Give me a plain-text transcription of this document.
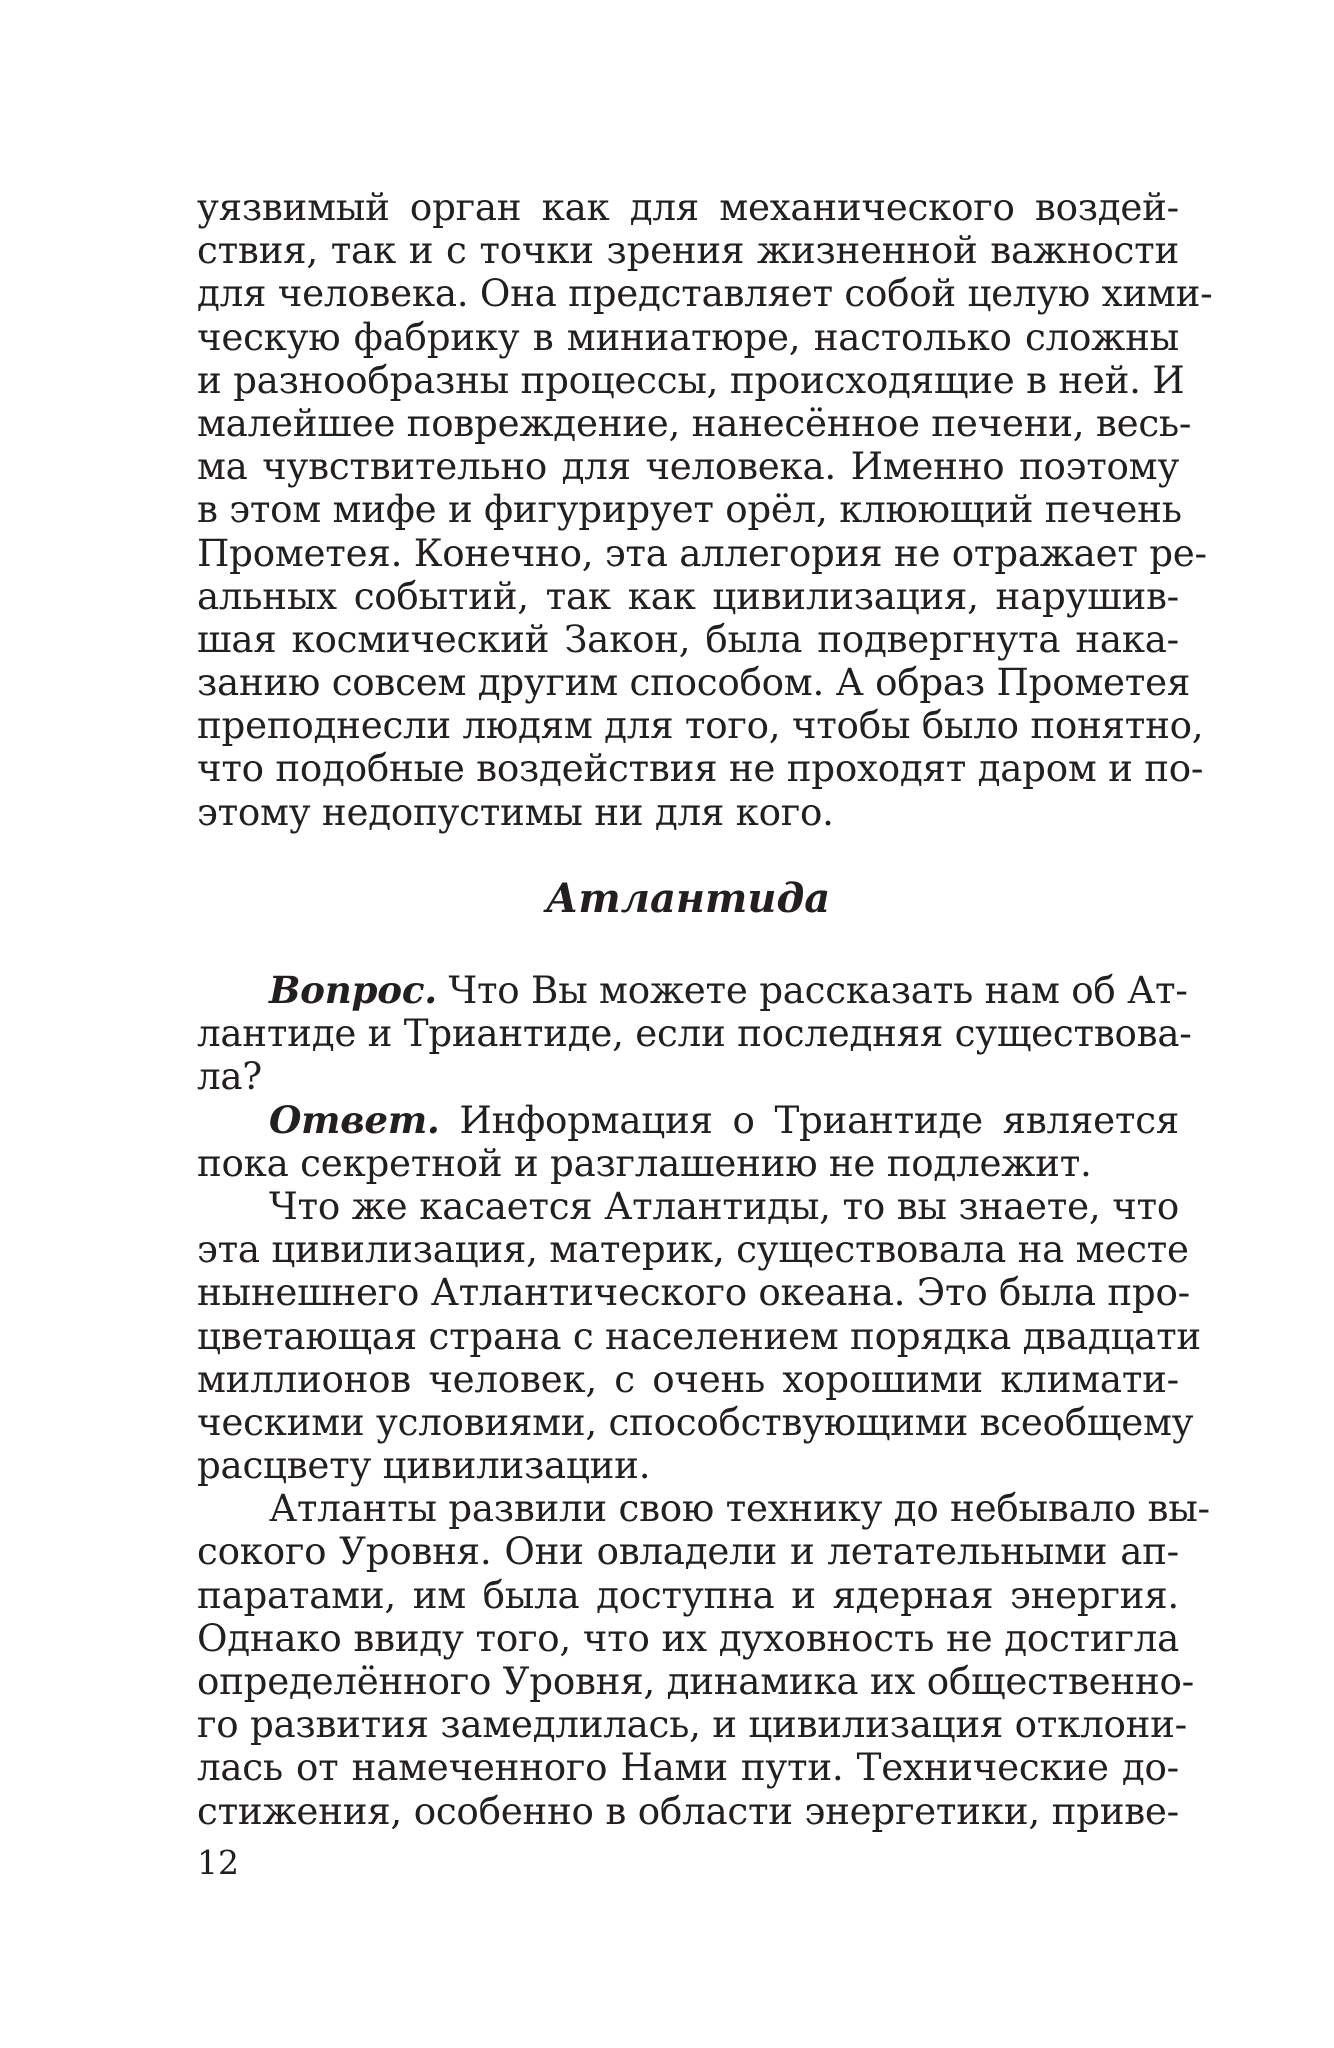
уязвимый орган как для механического воздей-
ствия, так и с точки зрения жизненной важности
для человека. Она представляет собой целую хими-
ческую фабрику в миниатюре, настолько сложны
и разнообразны процессы, происходящие в ней. И
малейшее повреждение, нанесённое печени, весь-
ма чувствительно для человека. Именно поэтому
в этом мифе и фигурирует орёл, клюющий печень
Прометея. Конечно, эта аллегория не отражает ре-
альных событий, так как цивилизация, нарушив-
шая космический Закон, была подвергнута нака-
занию совсем другим способом. А образ Прометея
преподнесли людям для того, чтобы было понятно,
что подобные воздействия не проходят даром и по-
этому недопустимы ни для кого.
Атлантида
Вопрос. Что Вы можете рассказать нам об Ат-
лантиде и Триантиде, если последняя существова-
ла?
Ответ. Информация о Триантиде является
пока секретной и разглашению не подлежит.
Что же касается Атлантиды, то вы знаете, что
эта цивилизация, материк, существовала на месте
нынешнего Атлантического океана. Это была про-
цветающая страна с населением порядка двадцати
миллионов человек, с очень хорошими климати-
ческими условиями, способствующими всеобщему
расцвету цивилизации.
Атланты развили свою технику до небывало вы-
сокого Уровня. Они овладели и летательными ап-
паратами, им была доступна и ядерная энергия.
Однако ввиду того, что их духовность не достигла
определённого Уровня, динамика их общественно-
го развития замедлилась, и цивилизация отклони-
лась от намеченного Нами пути. Технические до-
стижения, особенно в области энергетики, приве-
12
